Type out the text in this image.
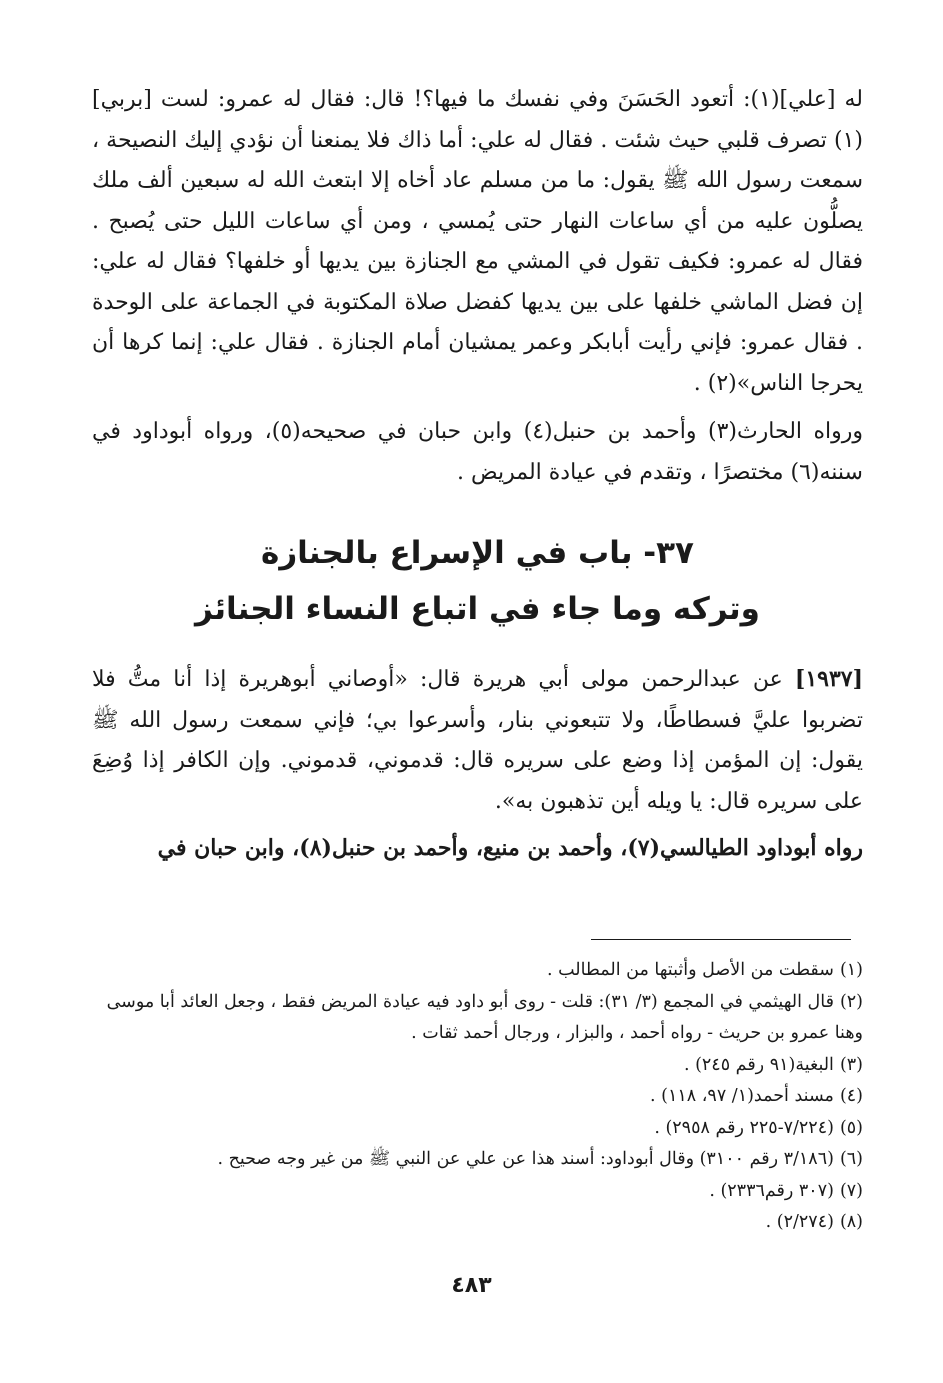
له [علي](١): أتعود الحَسَنَ وفي نفسك ما فيها؟! قال: فقال له عمرو: لست [بربي](١) تصرف قلبي حيث شئت . فقال له علي: أما ذاك فلا يمنعنا أن نؤدي إليك النصيحة ، سمعت رسول الله ﷺ يقول: ما من مسلم عاد أخاه إلا ابتعث الله له سبعين ألف ملك يصلُّون عليه من أي ساعات النهار حتى يُمسي ، ومن أي ساعات الليل حتى يُصبح . فقال له عمرو: فكيف تقول في المشي مع الجنازة بين يديها أو خلفها؟ فقال له علي: إن فضل الماشي خلفها على بين يديها كفضل صلاة المكتوبة في الجماعة على الوحدة . فقال عمرو: فإني رأيت أبابكر وعمر يمشيان أمام الجنازة . فقال علي: إنما كرها أن يحرجا الناس»(٢) .

ورواه الحارث(٣) وأحمد بن حنبل(٤) وابن حبان في صحيحه(٥)، ورواه أبوداود في سننه(٦) مختصرًا ، وتقدم في عيادة المريض .

٣٧- باب في الإسراع بالجنازة
وتركه وما جاء في اتباع النساء الجنائز

[١٩٣٧] عن عبدالرحمن مولى أبي هريرة قال: «أوصاني أبوهريرة إذا أنا متُّ فلا تضربوا عليَّ فسطاطًا، ولا تتبعوني بنار، وأسرعوا بي؛ فإني سمعت رسول الله ﷺ يقول: إن المؤمن إذا وضع على سريره قال: قدموني، قدموني. وإن الكافر إذا وُضِعَ على سريره قال: يا ويله أين تذهبون به».

رواه أبوداود الطيالسي(٧)، وأحمد بن منيع، وأحمد بن حنبل(٨)، وابن حبان في

(١)سقطت من الأصل وأثبتها من المطالب .

(٢)قال الهيثمي في المجمع (٣/ ٣١): قلت - روى أبو داود فيه عيادة المريض فقط ، وجعل العائد أبا موسى وهنا عمرو بن حريث - رواه أحمد ، والبزار ، ورجال أحمد ثقات .

(٣)البغية(٩١ رقم ٢٤٥) .

(٤)مسند أحمد(١/ ٩٧، ١١٨) .

(٥)(٧/٢٢٤-٢٢٥ رقم ٢٩٥٨) .

(٦)(٣/١٨٦ رقم ٣١٠٠) وقال أبوداود: أسند هذا عن علي عن النبي ﷺ من غير وجه صحيح .

(٧)(٣٠٧ رقم٢٣٣٦) .

(٨)(٢/٢٧٤) .

٤٨٣
